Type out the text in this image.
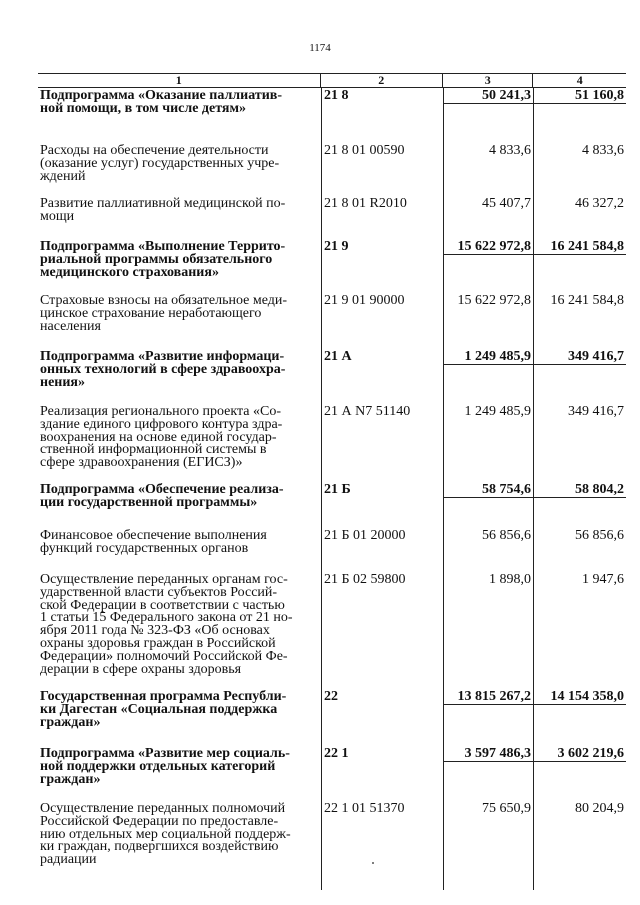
1174
1	2	3	4
Подпрограмма «Оказание паллиатив-
ной помощи, в том числе детям»
21 8	50 241,3	51 160,8
Расходы на обеспечение деятельности
(оказание услуг) государственных учре-
ждений
21 8 01 00590	4 833,6	4 833,6
Развитие паллиативной медицинской по-
мощи
21 8 01 R2010	45 407,7	46 327,2
Подпрограмма «Выполнение Террито-
риальной программы обязательного
медицинского страхования»
21 9	15 622 972,8	16 241 584,8
Страховые взносы на обязательное меди-
цинское страхование неработающего
населения
21 9 01 90000	15 622 972,8	16 241 584,8
Подпрограмма «Развитие информаци-
онных технологий в сфере здравоохра-
нения»
21 А	1 249 485,9	349 416,7
Реализация регионального проекта «Со-
здание единого цифрового контура здра-
воохранения на основе единой государ-
ственной информационной системы в
сфере здравоохранения (ЕГИСЗ)»
21 А N7 51140	1 249 485,9	349 416,7
Подпрограмма «Обеспечение реализа-
ции государственной программы»
21 Б	58 754,6	58 804,2
Финансовое обеспечение выполнения
функций государственных органов
21 Б 01 20000	56 856,6	56 856,6
Осуществление переданных органам гос-
ударственной власти субъектов Россий-
ской Федерации в соответствии с частью
1 статьи 15 Федерального закона от 21 но-
ября 2011 года № 323-ФЗ «Об основах
охраны здоровья граждан в Российской
Федерации» полномочий Российской Фе-
дерации в сфере охраны здоровья
21 Б 02 59800	1 898,0	1 947,6
Государственная программа Республи-
ки Дагестан «Социальная поддержка
граждан»
22	13 815 267,2	14 154 358,0
Подпрограмма «Развитие мер социаль-
ной поддержки отдельных категорий
граждан»
22 1	3 597 486,3	3 602 219,6
Осуществление переданных полномочий
Российской Федерации по предоставле-
нию отдельных мер социальной поддерж-
ки граждан, подвергшихся воздействию
радиации
22 1 01 51370	75 650,9	80 204,9
